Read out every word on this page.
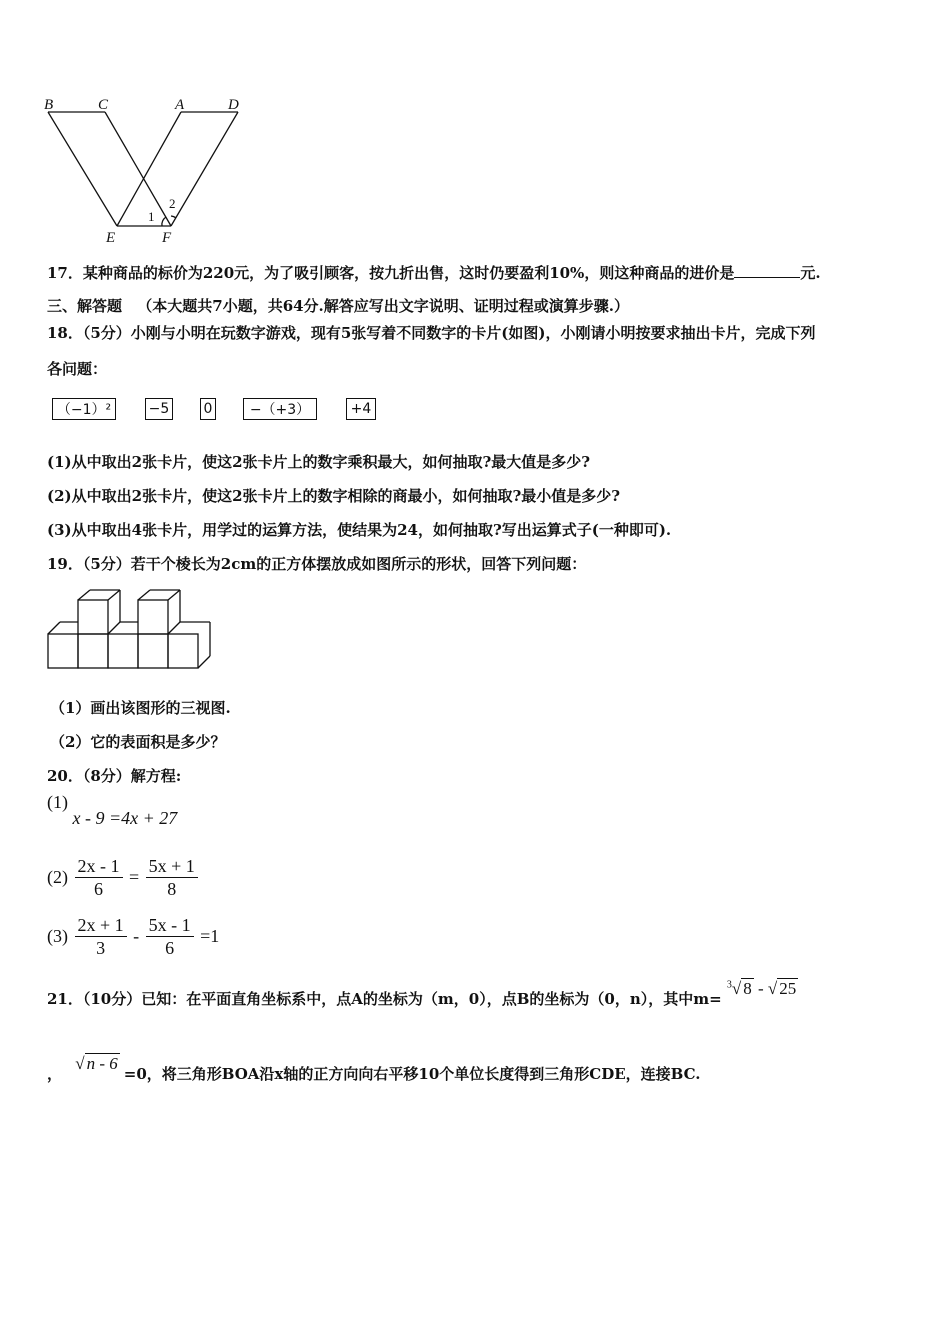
B	C	A	D
E	F
1
2
17．某种商品的标价为220元，为了吸引顾客，按九折出售，这时仍要盈利10%，则这种商品的进价是	元.
三、解答题 （本大题共7小题，共64分.解答应写出文字说明、证明过程或演算步骤.）
18．（5分）小刚与小明在玩数字游戏，现有5张写着不同数字的卡片(如图)，小刚请小明按要求抽出卡片，完成下列
各问题：
（−1）²	−5 0	−（+3）	+4
(1)从中取出2张卡片，使这2张卡片上的数字乘积最大，如何抽取?最大值是多少?
(2)从中取出2张卡片，使这2张卡片上的数字相除的商最小，如何抽取?最小值是多少?
(3)从中取出4张卡片，用学过的运算方法，使结果为24，如何抽取?写出运算式子(一种即可).
19．（5分）若干个棱长为2cm的正方体摆放成如图所示的形状，回答下列问题：
（1）画出该图形的三视图.
（2）它的表面积是多少？
20．（8分）解方程:
(1) x - 9 =4x + 27
$(2) \frac{2x - 1}{6} = \frac{5x + 1}{8}$
$(3) \frac{2x + 1}{3} - \frac{5x - 1}{6} =1$
21．（10分）已知：在平面直角坐标系中，点A的坐标为（m，0），点B的坐标为（0，n），其中m= $^3$√ 8 - √ 25
， √ n - 6=0，将三角形BOA沿x轴的正方向向右平移10个单位长度得到三角形CDE，连接BC.
